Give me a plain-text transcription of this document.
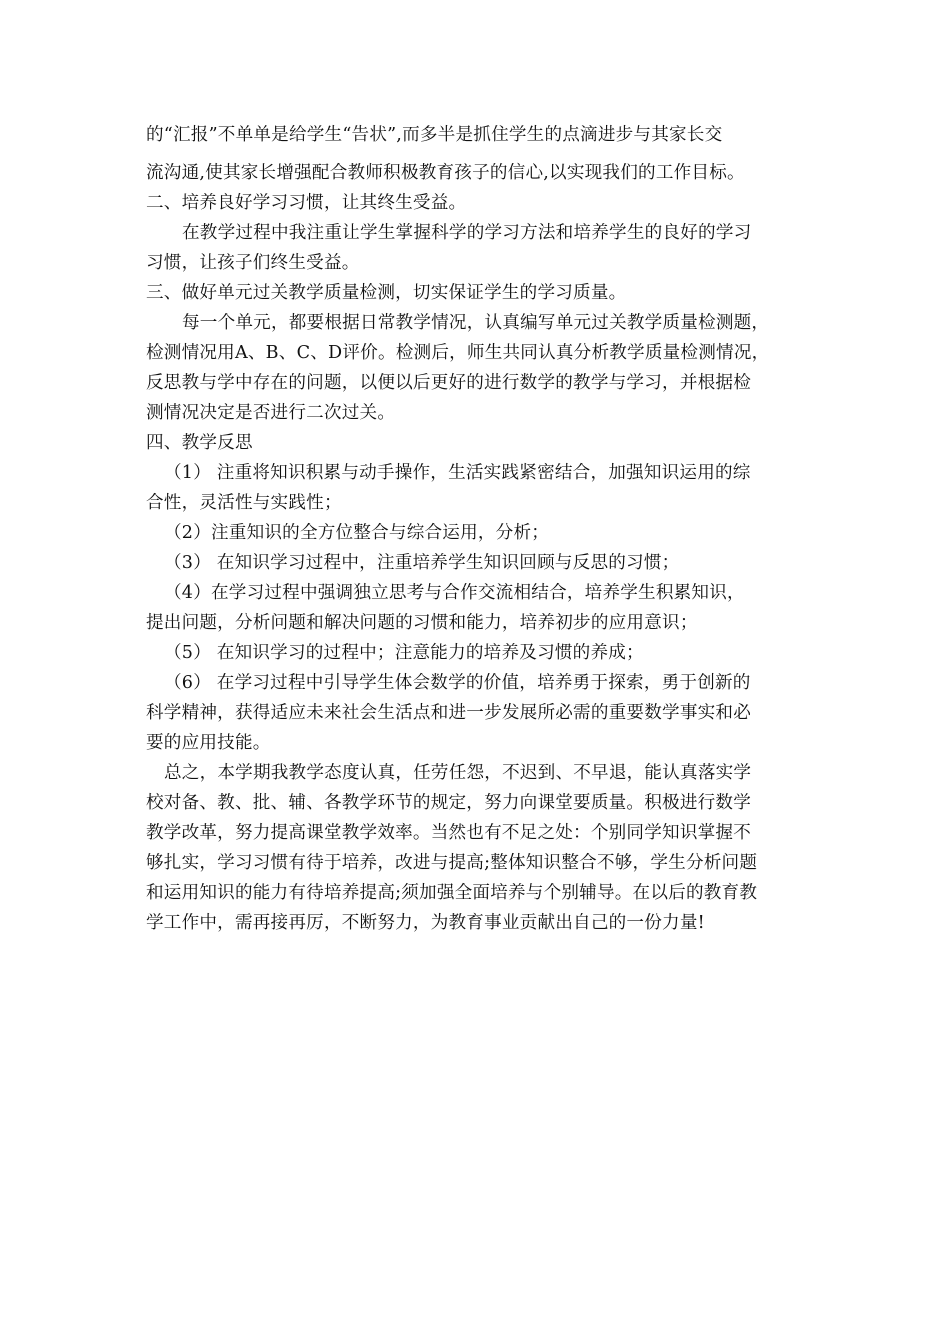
的“汇报”不单单是给学生“告状”,而多半是抓住学生的点滴进步与其家长交
流沟通,使其家长增强配合教师积极教育孩子的信心,以实现我们的工作目标。
二、培养良好学习习惯，让其终生受益。
在教学过程中我注重让学生掌握科学的学习方法和培养学生的良好的学习
习惯，让孩子们终生受益。
三、做好单元过关教学质量检测，切实保证学生的学习质量。
每一个单元，都要根据日常教学情况，认真编写单元过关教学质量检测题，
检测情况用A、B、C、D评价。检测后，师生共同认真分析教学质量检测情况，
反思教与学中存在的问题，以便以后更好的进行数学的教学与学习，并根据检
测情况决定是否进行二次过关。
四、教学反思
（1） 注重将知识积累与动手操作，生活实践紧密结合，加强知识运用的综
合性，灵活性与实践性；
（2）注重知识的全方位整合与综合运用，分析；
（3） 在知识学习过程中，注重培养学生知识回顾与反思的习惯；
（4）在学习过程中强调独立思考与合作交流相结合，培养学生积累知识，
提出问题，分析问题和解决问题的习惯和能力，培养初步的应用意识；
（5） 在知识学习的过程中；注意能力的培养及习惯的养成；
（6） 在学习过程中引导学生体会数学的价值，培养勇于探索，勇于创新的
科学精神，获得适应未来社会生活点和进一步发展所必需的重要数学事实和必
要的应用技能。
总之，本学期我教学态度认真，任劳任怨，不迟到、不早退，能认真落实学
校对备、教、批、辅、各教学环节的规定，努力向课堂要质量。积极进行数学
教学改革，努力提高课堂教学效率。当然也有不足之处：个别同学知识掌握不
够扎实，学习习惯有待于培养，改进与提高;整体知识整合不够，学生分析问题
和运用知识的能力有待培养提高;须加强全面培养与个别辅导。在以后的教育教
学工作中，需再接再厉，不断努力，为教育事业贡献出自己的一份力量!
